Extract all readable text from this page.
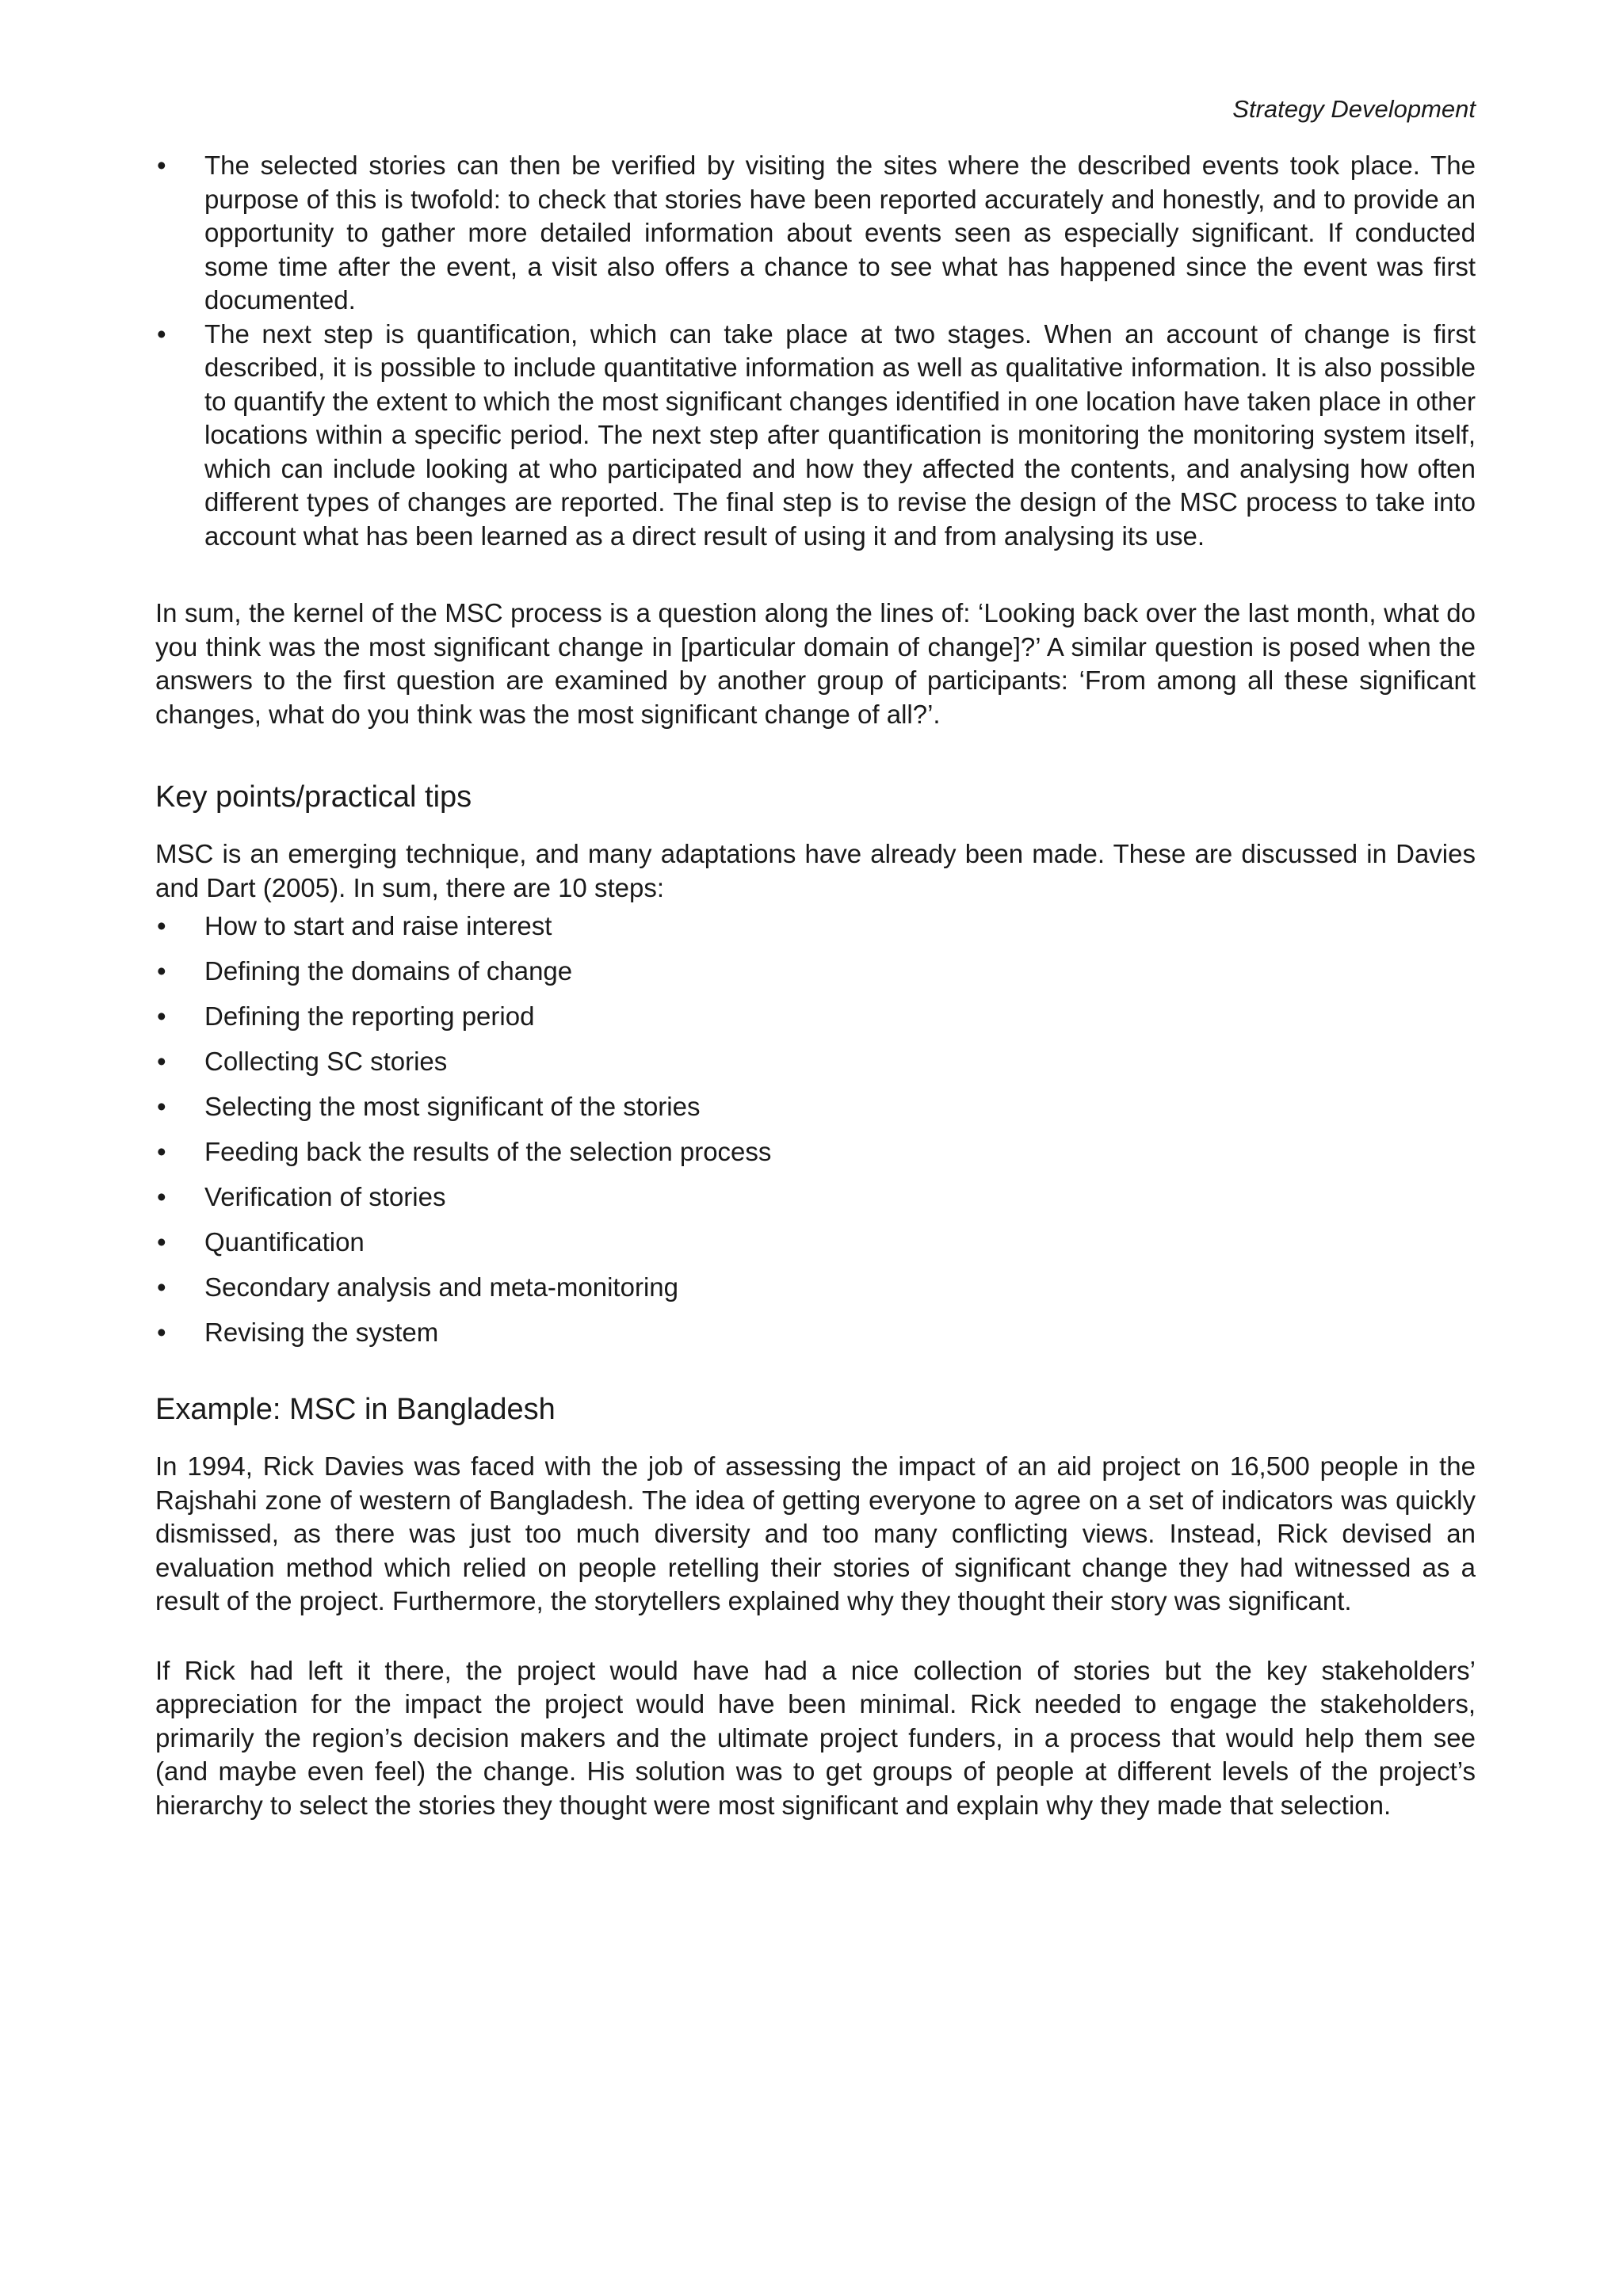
Strategy Development
• The selected stories can then be verified by visiting the sites where the described events took place. The purpose of this is twofold: to check that stories have been reported accurately and honestly, and to provide an opportunity to gather more detailed information about events seen as especially significant. If conducted some time after the event, a visit also offers a chance to see what has happened since the event was first documented.
• The next step is quantification, which can take place at two stages. When an account of change is first described, it is possible to include quantitative information as well as qualitative information. It is also possible to quantify the extent to which the most significant changes identified in one location have taken place in other locations within a specific period. The next step after quantification is monitoring the monitoring system itself, which can include looking at who participated and how they affected the contents, and analysing how often different types of changes are reported. The final step is to revise the design of the MSC process to take into account what has been learned as a direct result of using it and from analysing its use.

In sum, the kernel of the MSC process is a question along the lines of: ‘Looking back over the last month, what do you think was the most significant change in [particular domain of change]?’ A similar question is posed when the answers to the first question are examined by another group of participants: ‘From among all these significant changes, what do you think was the most significant change of all?’.

Key points/practical tips

MSC is an emerging technique, and many adaptations have already been made. These are discussed in Davies and Dart (2005). In sum, there are 10 steps:

• How to start and raise interest
• Defining the domains of change
• Defining the reporting period
• Collecting SC stories
• Selecting the most significant of the stories
• Feeding back the results of the selection process
• Verification of stories
• Quantification
• Secondary analysis and meta-monitoring
• Revising the system
Example: MSC in Bangladesh

In 1994, Rick Davies was faced with the job of assessing the impact of an aid project on 16,500 people in the Rajshahi zone of western of Bangladesh. The idea of getting everyone to agree on a set of indicators was quickly dismissed, as there was just too much diversity and too many conflicting views. Instead, Rick devised an evaluation method which relied on people retelling their stories of significant change they had witnessed as a result of the project. Furthermore, the storytellers explained why they thought their story was significant.

If Rick had left it there, the project would have had a nice collection of stories but the key stakeholders’ appreciation for the impact the project would have been minimal. Rick needed to engage the stakeholders, primarily the region’s decision makers and the ultimate project funders, in a process that would help them see (and maybe even feel) the change. His solution was to get groups of people at different levels of the project’s hierarchy to select the stories they thought were most significant and explain why they made that selection.
